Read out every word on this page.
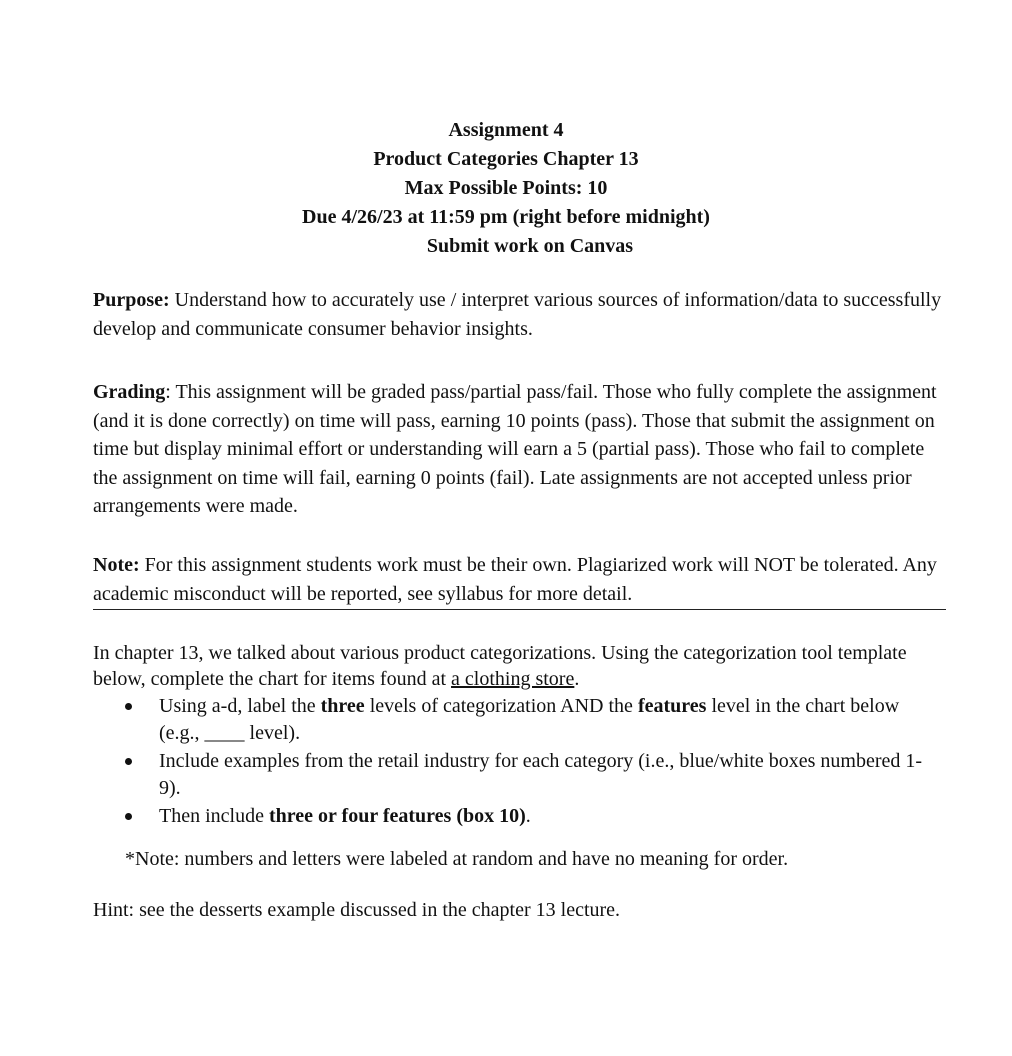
Assignment 4
Product Categories Chapter 13
Max Possible Points: 10
Due 4/26/23 at 11:59 pm (right before midnight)
Submit work on Canvas
Purpose: Understand how to accurately use / interpret various sources of information/data to successfully develop and communicate consumer behavior insights.
Grading: This assignment will be graded pass/partial pass/fail. Those who fully complete the assignment (and it is done correctly) on time will pass, earning 10 points (pass). Those that submit the assignment on time but display minimal effort or understanding will earn a 5 (partial pass). Those who fail to complete the assignment on time will fail, earning 0 points (fail). Late assignments are not accepted unless prior arrangements were made.
Note: For this assignment students work must be their own. Plagiarized work will NOT be tolerated. Any academic misconduct will be reported, see syllabus for more detail.
In chapter 13, we talked about various product categorizations. Using the categorization tool template below, complete the chart for items found at a clothing store.
Using a-d, label the three levels of categorization AND the features level in the chart below (e.g., ____ level).
Include examples from the retail industry for each category (i.e., blue/white boxes numbered 1-9).
Then include three or four features (box 10).
*Note: numbers and letters were labeled at random and have no meaning for order.
Hint: see the desserts example discussed in the chapter 13 lecture.
